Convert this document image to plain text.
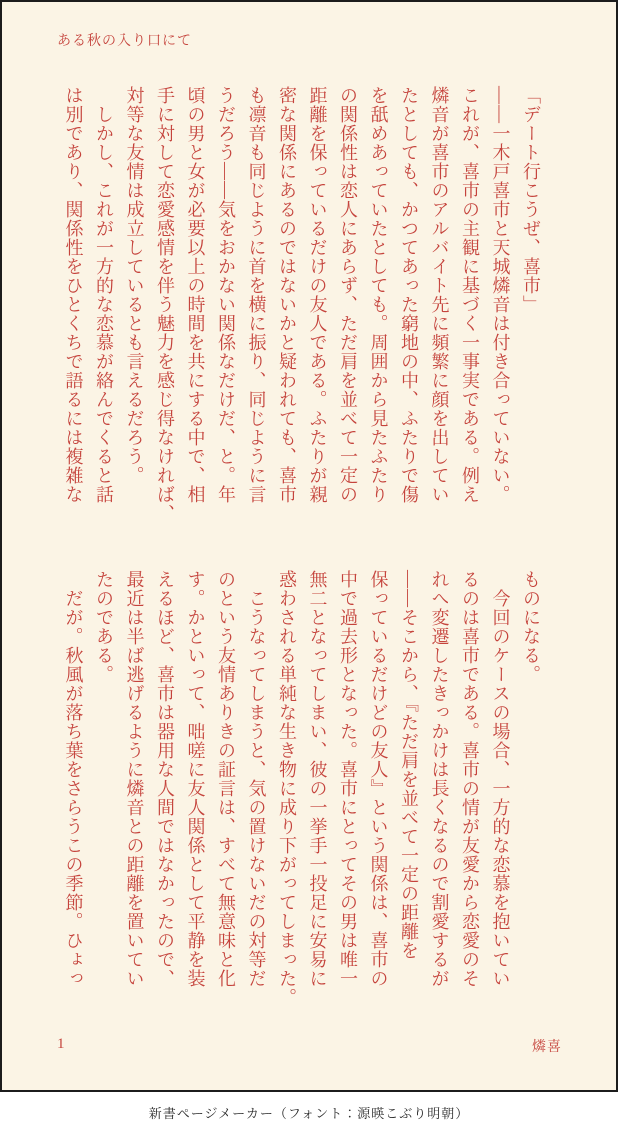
ある秋の入り口にて

「デート行こうぜ、喜市」

――一木戸喜市と天城燐音は付き合っていない。

これが、喜市の主観に基づく一事実である。例え

燐音が喜市のアルバイト先に頻繁に顔を出してい

たとしても、かつてあった窮地の中、ふたりで傷

を舐めあっていたとしても。周囲から見たふたり

の関係性は恋人にあらず、ただ肩を並べて一定の

距離を保っているだけの友人である。ふたりが親

密な関係にあるのではないかと疑われても、喜市

も凛音も同じように首を横に振り、同じように言

うだろう――気をおかない関係なだけだ、と。年

頃の男と女が必要以上の時間を共にする中で、相

手に対して恋愛感情を伴う魅力を感じ得なければ、

対等な友情は成立しているとも言えるだろう。

　しかし、これが一方的な恋慕が絡んでくると話

は別であり、関係性をひとくちで語るには複雑な

ものになる。

　今回のケースの場合、一方的な恋慕を抱いてい

るのは喜市である。喜市の情が友愛から恋愛のそ

れへ変遷したきっかけは長くなるので割愛するが

――そこから、『ただ肩を並べて一定の距離を

保っているだけどの友人』という関係は、喜市の

中で過去形となった。喜市にとってその男は唯一

無二となってしまい、彼の一挙手一投足に安易に

惑わされる単純な生き物に成り下がってしまった。

　こうなってしまうと、気の置けないだの対等だ

のという友情ありきの証言は、すべて無意味と化

す。かといって、咄嗟に友人関係として平静を装

えるほど、喜市は器用な人間ではなかったので、

最近は半ば逃げるように燐音との距離を置いてい

たのである。

　だが。秋風が落ち葉をさらうこの季節。ひょっ

1	燐喜
新書ページメーカー（フォント：源暎こぶり明朝）
